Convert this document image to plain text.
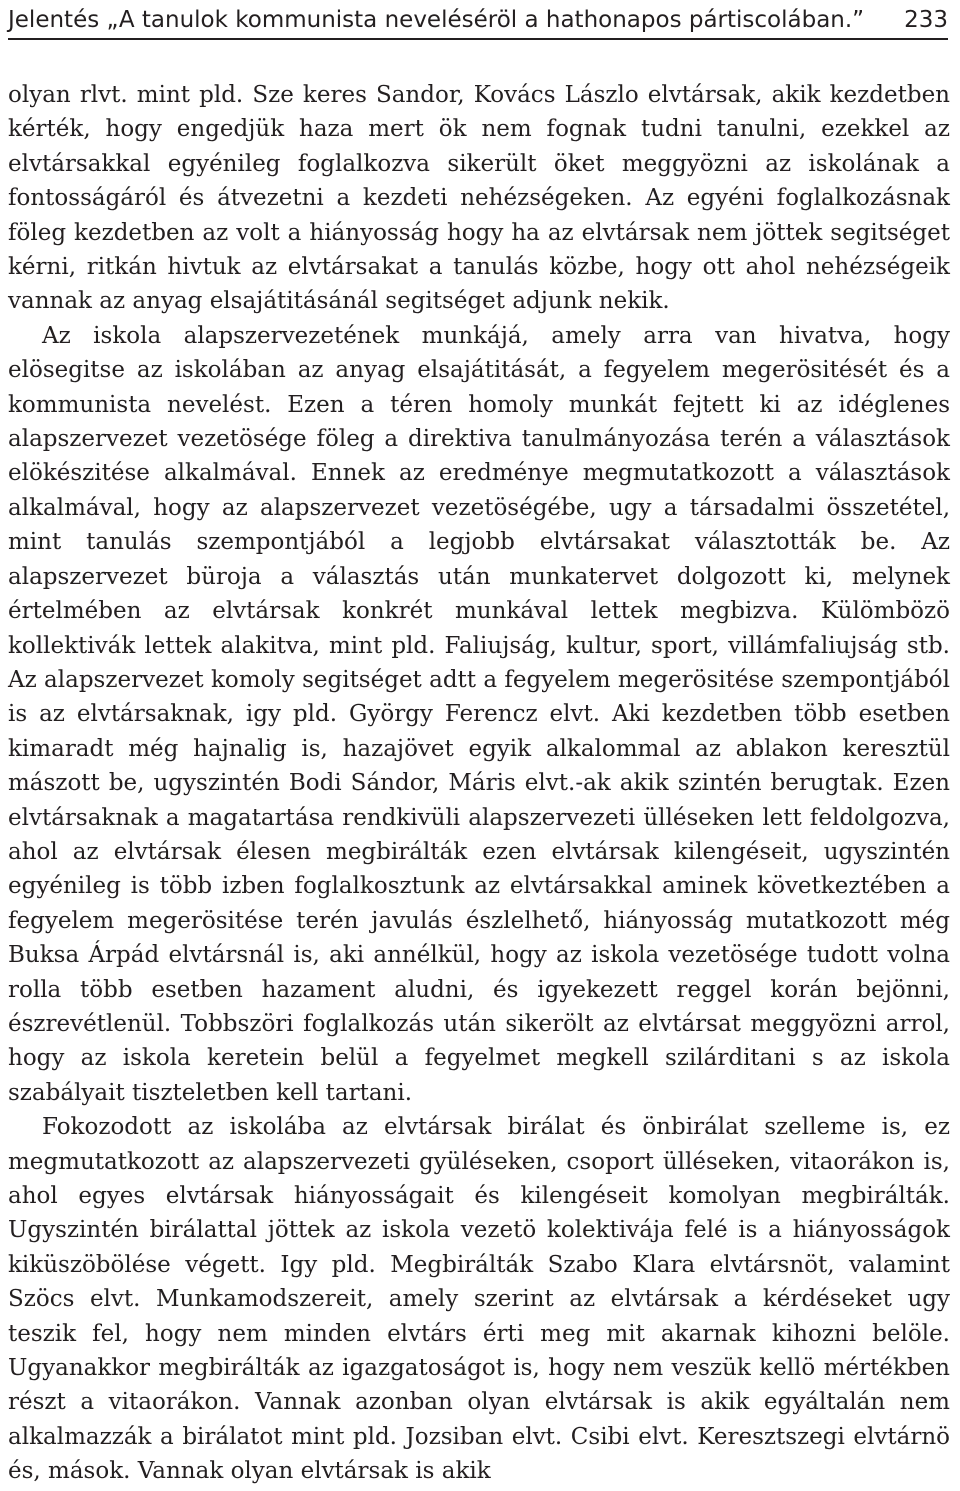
Jelentés „A tanulok kommunista neveléséröl a hathonapos pártiscolában.” 233

olyan rlvt. mint pld. Sze keres Sandor, Kovács Lászlo elvtársak, akik kezdetben kérték, hogy engedjük haza mert ök nem fognak tudni tanulni, ezekkel az elvtársakkal egyénileg foglalkozva sikerült öket meggyözni az iskolának a fontosságáról és átvezetni a kezdeti nehézségeken. Az egyéni foglalkozásnak föleg kezdetben az volt a hiányosság hogy ha az elvtársak nem jöttek segitséget kérni, ritkán hivtuk az elvtársakat a tanulás közbe, hogy ott ahol nehézségeik vannak az anyag elsajátitásánál segitséget adjunk nekik.

Az iskola alapszervezetének munkájá, amely arra van hivatva, hogy elösegitse az iskolában az anyag elsajátitását, a fegyelem megerösitését és a kommunista nevelést. Ezen a téren homoly munkát fejtett ki az idéglenes alapszervezet vezetösége föleg a direktiva tanulmányozása terén a választások elökészitése alkalmával. Ennek az eredménye megmutatkozott a választások alkalmával, hogy az alapszervezet vezetöségébe, ugy a társadalmi összetétel, mint tanulás szempontjából a legjobb elvtársakat választották be. Az alapszervezet büroja a választás után munkatervet dolgozott ki, melynek értelmében az elvtársak konkrét munkával lettek megbizva. Külömbözö kollektivák lettek alakitva, mint pld. Faliujság, kultur, sport, villámfaliujság stb. Az alapszervezet komoly segitséget adtt a fegyelem megerösitése szempontjából is az elvtársaknak, igy pld. György Ferencz elvt. Aki kezdetben több esetben kimaradt még hajnalig is, hazajövet egyik alkalommal az ablakon keresztül mászott be, ugyszintén Bodi Sándor, Máris elvt.-ak akik szintén berugtak. Ezen elvtársaknak a magatartása rendkivüli alapszervezeti ülléseken lett feldolgozva, ahol az elvtársak élesen megbirálták ezen elvtársak kilengéseit, ugyszintén egyénileg is több izben foglalkosztunk az elvtársakkal aminek következtében a fegyelem megerösitése terén javulás észlelhető, hiányosság mutatkozott még Buksa Árpád elvtársnál is, aki annélkül, hogy az iskola vezetösége tudott volna rolla több esetben hazament aludni, és igyekezett reggel korán bejönni, észrevétlenül. Tobbszöri foglalkozás után sikerölt az elvtársat meggyözni arrol, hogy az iskola keretein belül a fegyelmet megkell szilárditani s az iskola szabályait tiszteletben kell tartani.

Fokozodott az iskolába az elvtársak birálat és önbirálat szelleme is, ez megmutatkozott az alapszervezeti gyüléseken, csoport ülléseken, vitaorákon is, ahol egyes elvtársak hiányosságait és kilengéseit komolyan megbirálták. Ugyszintén birálattal jöttek az iskola vezetö kolektivája felé is a hiányosságok kiküszöbölése végett. Igy pld. Megbirálták Szabo Klara elvtársnöt, valamint Szöcs elvt. Munkamodszereit, amely szerint az elvtársak a kérdéseket ugy teszik fel, hogy nem minden elvtárs érti meg mit akarnak kihozni belöle. Ugyanakkor megbirálták az igazgatoságot is, hogy nem veszük kellö mértékben részt a vitaorákon. Vannak azonban olyan elvtársak is akik egyáltalán nem alkalmazzák a birálatot mint pld. Jozsiban elvt. Csibi elvt. Keresztszegi elvtárnö és, mások. Vannak olyan elvtársak is akik
